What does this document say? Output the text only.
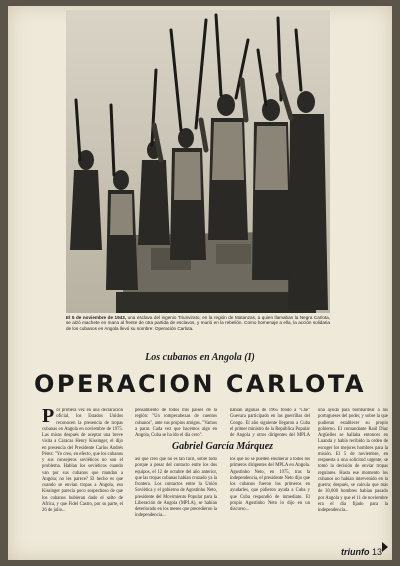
El 5 de noviembre de 1943, una esclava del ingenio Triunvirato, en la región de Matanzas, a quien llamaban la Negra Carlota, se alzó machete en mano al frente de otra partida de esclavos, y murió en la rebelión. Como homenaje a ella, la acción solidaria de los cubanos en Angola llevó su nombre: Operación Carlota.
Los cubanos en Angola (I)
OPERACION CARLOTA
P or primera vez en una declaración oficial, los Estados Unidos reconocen la presencia de tropas cubanas en Angola en noviembre de 1975. Las misas después de aceptar una breve visita a Caracas Henry Kissinger, el dijo en presencia del Presidente Carlos Andrés Pérez: "Yo creo, en efecto, que los cubanos y sus consejeros soviéticos no son el problema. Hablan los soviéticos cuando van por sus cubanos que mandan a Angola; no les parece? El hecho es que cuando se envían tropas a Angola, eso Kissinger parecía poco sospechoso de que los cubanos hubieran dado el salto de Africa, y que Fidel Castro, por su parte, el 26 de julio...
pensamiento de todos mis países de la región: "Un rompecabezas de cuentos cubanos", ante sus propios amigos. "Vamos a parar. Cada vez que hacemos algo en Angola, Cuba se ha ido el día cero".
habían algunas de 1965 fondo a "Che" Guevara participado en las guerrillas del Congo. El año siguiente llegaron a Cuba el primer ministro de la República Popular de Angola y otros dirigentes del MPLA
Gabriel García Márquez
así que creo que no es tan fácil, sobre todo porque a pesar del contacto entre los dos equipos, el 12 de octubre del año anterior, que las tropas cubanas habían cruzado ya la frontera. Los contactos entre la Unión Soviética y el gobierno de Agostinho Neto, presidente del Movimiento Popular para la Liberación de Angola (MPLA), se habían deteriorado en los meses que precedieron la independencia...
los que no se pueden enumerar a todos los primeros dirigentes del MPLA en Angola. Agostinho Neto, en 1975, tras la independencia, el presidente Neto dijo que los cubanos fueron los primeros en ayudarles, que pidieron ayuda a Cuba y que Cuba respondió de inmediato. El propio Agostinho Neto lo dijo en un discurso...
una ayuda para bombardear a los portugueses del poder, y sobre la que pudieran establecer su propio gobierno. El comandante Raúl Díaz Argüelles se hallaba entonces en Luanda y había recibido la orden de escoger los mejores hombres para la misión. El 5 de noviembre, en respuesta a una solicitud urgente, se tomó la decisión de enviar tropas regulares. Hasta ese momento los cubanos no habían intervenido en la guerra; después, se calcula que más de 30,000 hombres habían pasado por Angola y que el 11 de noviembre era el día fijado para la independencia...
triunfo 13
